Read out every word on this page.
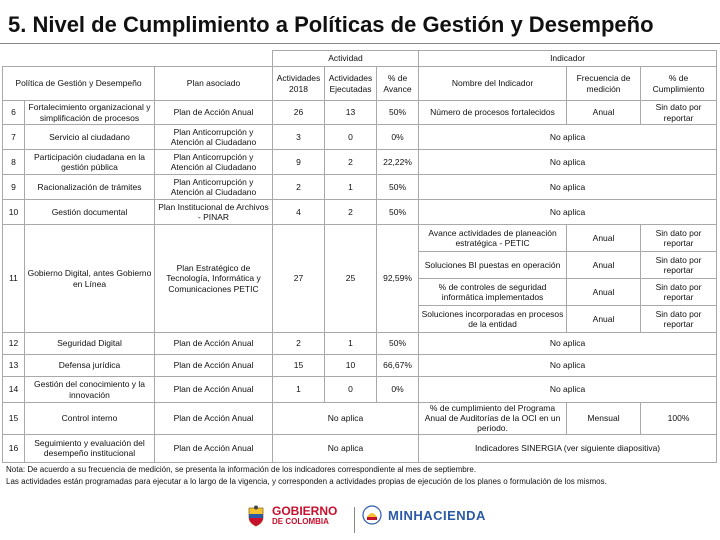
5. Nivel de Cumplimiento a Políticas de Gestión y Desempeño
			Actividad			Indicador		
Política de Gestión y Desempeño		Plan asociado	Actividades 2018	Actividades Ejecutadas	% de Avance	Nombre del Indicador	Frecuencia de medición	% de Cumplimiento
6	Fortalecimiento organizacional y simplificación de procesos	Plan de Acción Anual	26	13	50%	Número de procesos fortalecidos	Anual	Sin dato por reportar
7	Servicio al ciudadano	Plan Anticorrupción y Atención al Ciudadano	3	0	0%	No aplica		
8	Participación ciudadana en la gestión pública	Plan Anticorrupción y Atención al Ciudadano	9	2	22,22%	No aplica		
9	Racionalización de trámites	Plan Anticorrupción y Atención al Ciudadano	2	1	50%	No aplica		
10	Gestión documental	Plan Institucional de Archivos - PINAR	4	2	50%	No aplica		
11	Gobierno Digital, antes Gobierno en Línea	Plan Estratégico de Tecnología, Informática y Comunicaciones PETIC	27	25	92,59%	Avance actividades de planeación estratégica - PETIC	Anual	Sin dato por reportar
						Soluciones BI puestas en operación	Anual	Sin dato por reportar
						% de controles de seguridad informática implementados	Anual	Sin dato por reportar
						Soluciones incorporadas en procesos de la entidad	Anual	Sin dato por reportar
12	Seguridad Digital	Plan de Acción Anual	2	1	50%	No aplica		
13	Defensa jurídica	Plan de Acción Anual	15	10	66,67%	No aplica		
14	Gestión del conocimiento y la innovación	Plan de Acción Anual	1	0	0%	No aplica		
15	Control interno	Plan de Acción Anual	No aplica			% de cumplimiento del Programa Anual de Auditorías de la OCI en un periodo.	Mensual	100%
16	Seguimiento y evaluación del desempeño institucional	Plan de Acción Anual	No aplica			Indicadores SINERGIA (ver siguiente diapositiva)		
Nota: De acuerdo a su frecuencia de medición, se presenta la información de los indicadores correspondiente al mes de septiembre.
Las actividades están programadas para ejecutar a lo largo de la vigencia, y corresponden a actividades propias de ejecución de los planes o formulación de los mismos.
GOBIERNO
DE COLOMBIA	MINHACIENDA
